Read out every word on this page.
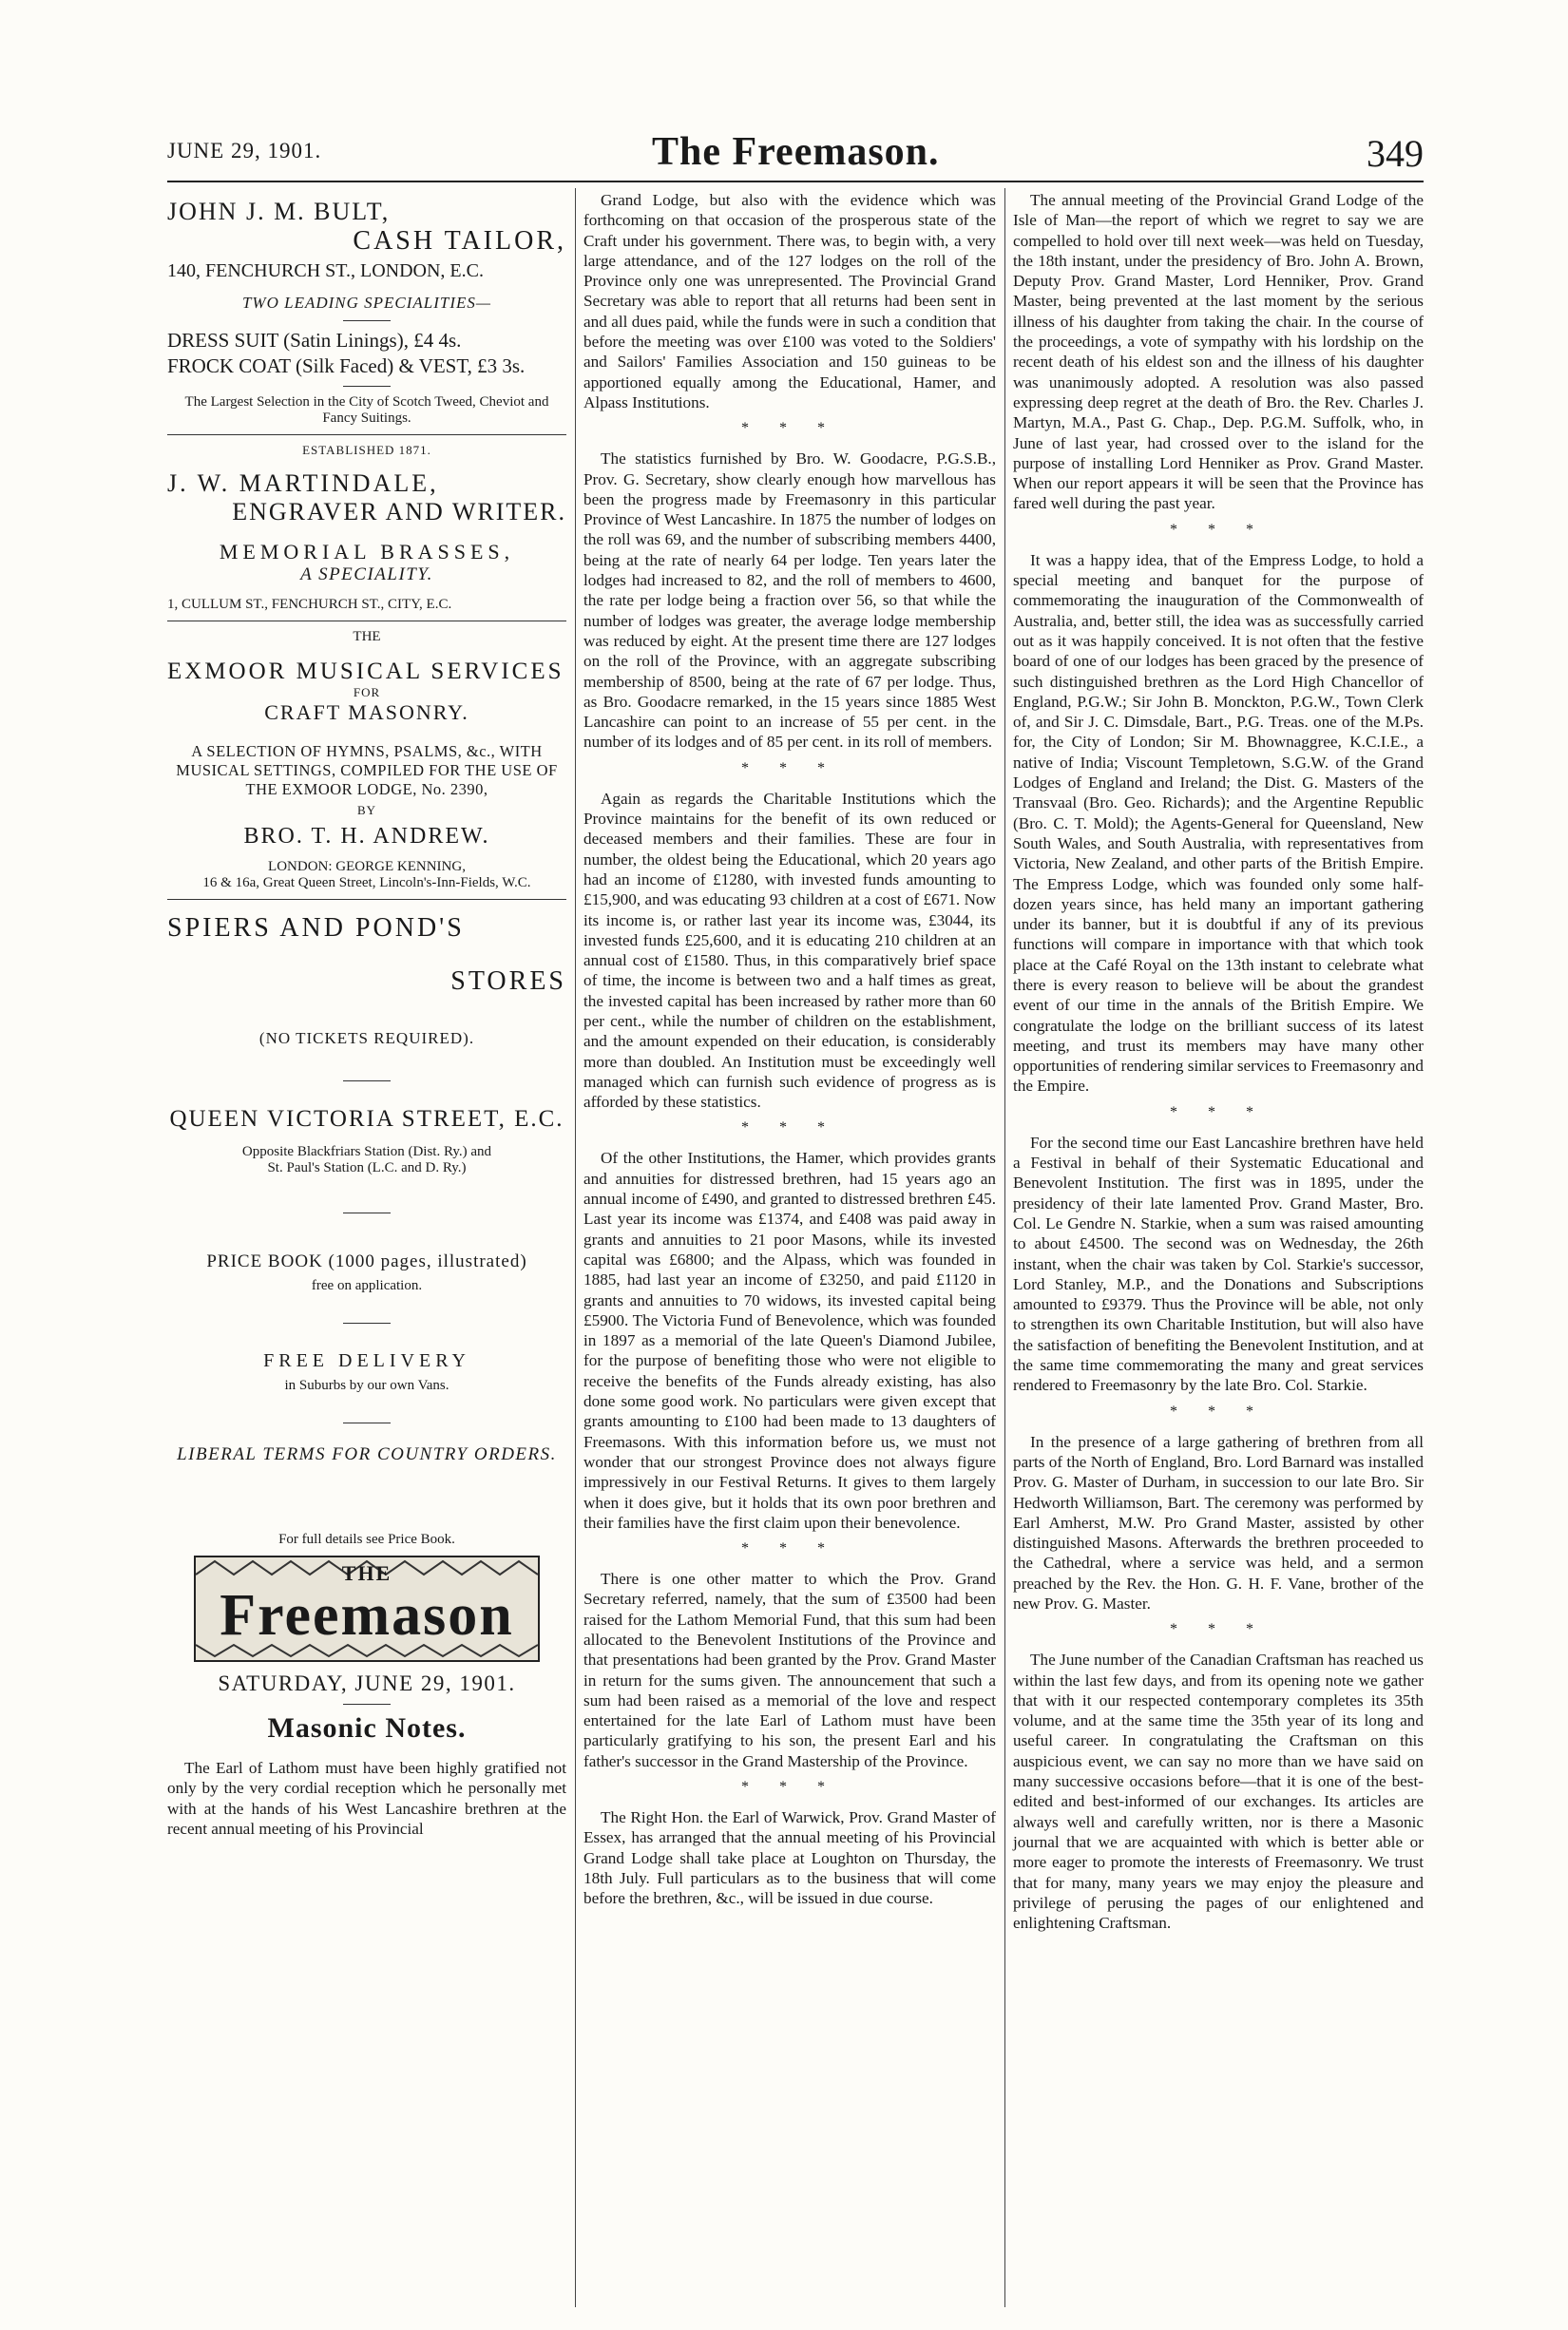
JUNE 29, 1901.	The Freemason.	349
JOHN J. M. BULT,
CASH TAILOR,
140, FENCHURCH ST., LONDON, E.C.
TWO LEADING SPECIALITIES—
DRESS SUIT (Satin Linings), £4 4s.
FROCK COAT (Silk Faced) & VEST, £3 3s.
The Largest Selection in the City of Scotch Tweed, Cheviot and Fancy Suitings.
ESTABLISHED 1871.
J. W. MARTINDALE,
ENGRAVER AND WRITER.
MEMORIAL BRASSES,
A SPECIALITY.
1, CULLUM ST., FENCHURCH ST., CITY, E.C.
THE
EXMOOR MUSICAL SERVICES
FOR
CRAFT MASONRY.
A SELECTION OF HYMNS, PSALMS, &c., WITH MUSICAL SETTINGS, COMPILED FOR THE USE OF THE EXMOOR LODGE, No. 2390,
BY
BRO. T. H. ANDREW.
LONDON: GEORGE KENNING,
16 & 16a, Great Queen Street, Lincoln's-Inn-Fields, W.C.
SPIERS AND POND'S
STORES
(NO TICKETS REQUIRED).
QUEEN VICTORIA STREET, E.C.
Opposite Blackfriars Station (Dist. Ry.) and
St. Paul's Station (L.C. and D. Ry.)
PRICE BOOK (1000 pages, illustrated)
free on application.
FREE DELIVERY
in Suburbs by our own Vans.
LIBERAL TERMS FOR COUNTRY ORDERS.
For full details see Price Book.
THE
Freemason
SATURDAY, JUNE 29, 1901.
Masonic Notes.

The Earl of Lathom must have been highly gratified not only by the very cordial reception which he personally met with at the hands of his West Lancashire brethren at the recent annual meeting of his Provincial

Grand Lodge, but also with the evidence which was forthcoming on that occasion of the prosperous state of the Craft under his government. There was, to begin with, a very large attendance, and of the 127 lodges on the roll of the Province only one was unrepresented. The Provincial Grand Secretary was able to report that all returns had been sent in and all dues paid, while the funds were in such a condition that before the meeting was over £100 was voted to the Soldiers' and Sailors' Families Association and 150 guineas to be apportioned equally among the Educational, Hamer, and Alpass Institutions.

* * *

The statistics furnished by Bro. W. Goodacre, P.G.S.B., Prov. G. Secretary, show clearly enough how marvellous has been the progress made by Freemasonry in this particular Province of West Lancashire. In 1875 the number of lodges on the roll was 69, and the number of subscribing members 4400, being at the rate of nearly 64 per lodge. Ten years later the lodges had increased to 82, and the roll of members to 4600, the rate per lodge being a fraction over 56, so that while the number of lodges was greater, the average lodge membership was reduced by eight. At the present time there are 127 lodges on the roll of the Province, with an aggregate subscribing membership of 8500, being at the rate of 67 per lodge. Thus, as Bro. Goodacre remarked, in the 15 years since 1885 West Lancashire can point to an increase of 55 per cent. in the number of its lodges and of 85 per cent. in its roll of members.

* * *

Again as regards the Charitable Institutions which the Province maintains for the benefit of its own reduced or deceased members and their families. These are four in number, the oldest being the Educational, which 20 years ago had an income of £1280, with invested funds amounting to £15,900, and was educating 93 children at a cost of £671. Now its income is, or rather last year its income was, £3044, its invested funds £25,600, and it is educating 210 children at an annual cost of £1580. Thus, in this comparatively brief space of time, the income is between two and a half times as great, the invested capital has been increased by rather more than 60 per cent., while the number of children on the establishment, and the amount expended on their education, is considerably more than doubled. An Institution must be exceedingly well managed which can furnish such evidence of progress as is afforded by these statistics.

* * *

Of the other Institutions, the Hamer, which provides grants and annuities for distressed brethren, had 15 years ago an annual income of £490, and granted to distressed brethren £45. Last year its income was £1374, and £408 was paid away in grants and annuities to 21 poor Masons, while its invested capital was £6800; and the Alpass, which was founded in 1885, had last year an income of £3250, and paid £1120 in grants and annuities to 70 widows, its invested capital being £5900. The Victoria Fund of Benevolence, which was founded in 1897 as a memorial of the late Queen's Diamond Jubilee, for the purpose of benefiting those who were not eligible to receive the benefits of the Funds already existing, has also done some good work. No particulars were given except that grants amounting to £100 had been made to 13 daughters of Freemasons. With this information before us, we must not wonder that our strongest Province does not always figure impressively in our Festival Returns. It gives to them largely when it does give, but it holds that its own poor brethren and their families have the first claim upon their benevolence.

* * *

There is one other matter to which the Prov. Grand Secretary referred, namely, that the sum of £3500 had been raised for the Lathom Memorial Fund, that this sum had been allocated to the Benevolent Institutions of the Province and that presentations had been granted by the Prov. Grand Master in return for the sums given. The announcement that such a sum had been raised as a memorial of the love and respect entertained for the late Earl of Lathom must have been particularly gratifying to his son, the present Earl and his father's successor in the Grand Mastership of the Province.

* * *

The Right Hon. the Earl of Warwick, Prov. Grand Master of Essex, has arranged that the annual meeting of his Provincial Grand Lodge shall take place at Loughton on Thursday, the 18th July. Full particulars as to the business that will come before the brethren, &c., will be issued in due course.

The annual meeting of the Provincial Grand Lodge of the Isle of Man—the report of which we regret to say we are compelled to hold over till next week—was held on Tuesday, the 18th instant, under the presidency of Bro. John A. Brown, Deputy Prov. Grand Master, Lord Henniker, Prov. Grand Master, being prevented at the last moment by the serious illness of his daughter from taking the chair. In the course of the proceedings, a vote of sympathy with his lordship on the recent death of his eldest son and the illness of his daughter was unanimously adopted. A resolution was also passed expressing deep regret at the death of Bro. the Rev. Charles J. Martyn, M.A., Past G. Chap., Dep. P.G.M. Suffolk, who, in June of last year, had crossed over to the island for the purpose of installing Lord Henniker as Prov. Grand Master. When our report appears it will be seen that the Province has fared well during the past year.

* * *

It was a happy idea, that of the Empress Lodge, to hold a special meeting and banquet for the purpose of commemorating the inauguration of the Commonwealth of Australia, and, better still, the idea was as successfully carried out as it was happily conceived. It is not often that the festive board of one of our lodges has been graced by the presence of such distinguished brethren as the Lord High Chancellor of England, P.G.W.; Sir John B. Monckton, P.G.W., Town Clerk of, and Sir J. C. Dimsdale, Bart., P.G. Treas. one of the M.Ps. for, the City of London; Sir M. Bhownaggree, K.C.I.E., a native of India; Viscount Templetown, S.G.W. of the Grand Lodges of England and Ireland; the Dist. G. Masters of the Transvaal (Bro. Geo. Richards); and the Argentine Republic (Bro. C. T. Mold); the Agents-General for Queensland, New South Wales, and South Australia, with representatives from Victoria, New Zealand, and other parts of the British Empire. The Empress Lodge, which was founded only some half-dozen years since, has held many an important gathering under its banner, but it is doubtful if any of its previous functions will compare in importance with that which took place at the Café Royal on the 13th instant to celebrate what there is every reason to believe will be about the grandest event of our time in the annals of the British Empire. We congratulate the lodge on the brilliant success of its latest meeting, and trust its members may have many other opportunities of rendering similar services to Freemasonry and the Empire.

* * *

For the second time our East Lancashire brethren have held a Festival in behalf of their Systematic Educational and Benevolent Institution. The first was in 1895, under the presidency of their late lamented Prov. Grand Master, Bro. Col. Le Gendre N. Starkie, when a sum was raised amounting to about £4500. The second was on Wednesday, the 26th instant, when the chair was taken by Col. Starkie's successor, Lord Stanley, M.P., and the Donations and Subscriptions amounted to £9379. Thus the Province will be able, not only to strengthen its own Charitable Institution, but will also have the satisfaction of benefiting the Benevolent Institution, and at the same time commemorating the many and great services rendered to Freemasonry by the late Bro. Col. Starkie.

* * *

In the presence of a large gathering of brethren from all parts of the North of England, Bro. Lord Barnard was installed Prov. G. Master of Durham, in succession to our late Bro. Sir Hedworth Williamson, Bart. The ceremony was performed by Earl Amherst, M.W. Pro Grand Master, assisted by other distinguished Masons. Afterwards the brethren proceeded to the Cathedral, where a service was held, and a sermon preached by the Rev. the Hon. G. H. F. Vane, brother of the new Prov. G. Master.

* * *

The June number of the Canadian Craftsman has reached us within the last few days, and from its opening note we gather that with it our respected contemporary completes its 35th volume, and at the same time the 35th year of its long and useful career. In congratulating the Craftsman on this auspicious event, we can say no more than we have said on many successive occasions before—that it is one of the best-edited and best-informed of our exchanges. Its articles are always well and carefully written, nor is there a Masonic journal that we are acquainted with which is better able or more eager to promote the interests of Freemasonry. We trust that for many, many years we may enjoy the pleasure and privilege of perusing the pages of our enlightened and enlightening Craftsman.
